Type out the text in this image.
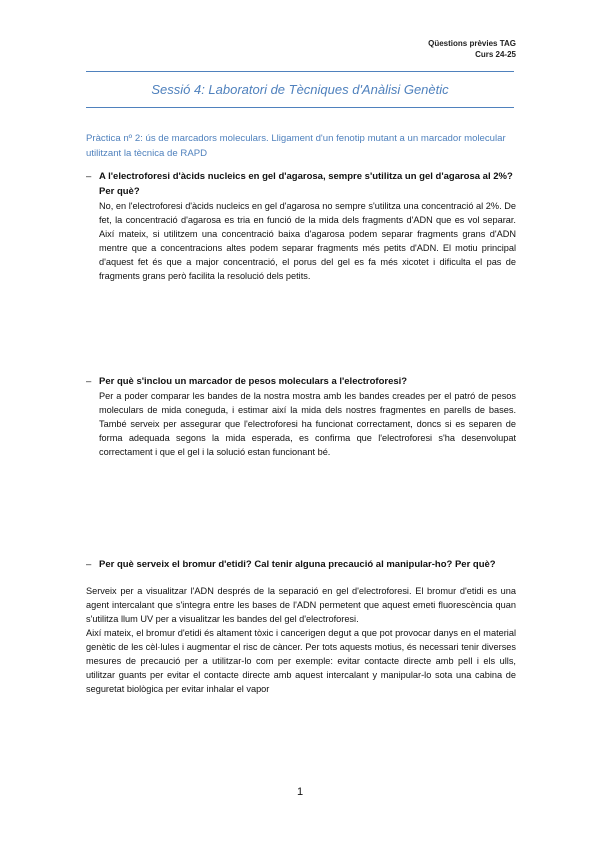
Qüestions prèvies TAG
Curs 24-25
Sessió 4: Laboratori de Tècniques d'Anàlisi Genètic
Pràctica nº 2: ús de marcadors moleculars. Lligament d'un fenotip mutant a un marcador molecular utilitzant la tècnica de RAPD
– A l'electroforesi d'àcids nucleics en gel d'agarosa, sempre s'utilitza un gel d'agarosa al 2%? Per què?
No, en l'electroforesi d'àcids nucleics en gel d'agarosa no sempre s'utilitza una concentració al 2%. De fet, la concentració d'agarosa es tria en funció de la mida dels fragments d'ADN que es vol separar. Així mateix, si utilitzem una concentració baixa d'agarosa podem separar fragments grans d'ADN mentre que a concentracions altes podem separar fragments més petits d'ADN. El motiu principal d'aquest fet és que a major concentració, el porus del gel es fa més xicotet i dificulta el pas de fragments grans però facilita la resolució dels petits.
– Per què s'inclou un marcador de pesos moleculars a l'electroforesi?
Per a poder comparar les bandes de la nostra mostra amb les bandes creades per el patró de pesos moleculars de mida coneguda, i estimar així la mida dels nostres fragmentes en parells de bases. També serveix per assegurar que l'electroforesi ha funcionat correctament, doncs si es separen de forma adequada segons la mida esperada, es confirma que l'electroforesi s'ha desenvolupat correctament i que el gel i la solució estan funcionant bé.
– Per què serveix el bromur d'etidi? Cal tenir alguna precaució al manipular-ho? Per què?
Serveix per a visualitzar l'ADN després de la separació en gel d'electroforesi. El bromur d'etidi es una agent intercalant que s'integra entre les bases de l'ADN permetent que aquest emeti fluorescència quan s'utilitza llum UV per a visualitzar les bandes del gel d'electroforesi.
Així mateix, el bromur d'etidi és altament tòxic i cancerigen degut a que pot provocar danys en el material genètic de les cèl·lules i augmentar el risc de càncer. Per tots aquests motius, és necessari tenir diverses mesures de precaució per a utilitzar-lo com per exemple: evitar contacte directe amb pell i els ulls, utilitzar guants per evitar el contacte directe amb aquest intercalant y manipular-lo sota una cabina de seguretat biològica per evitar inhalar el vapor
1
